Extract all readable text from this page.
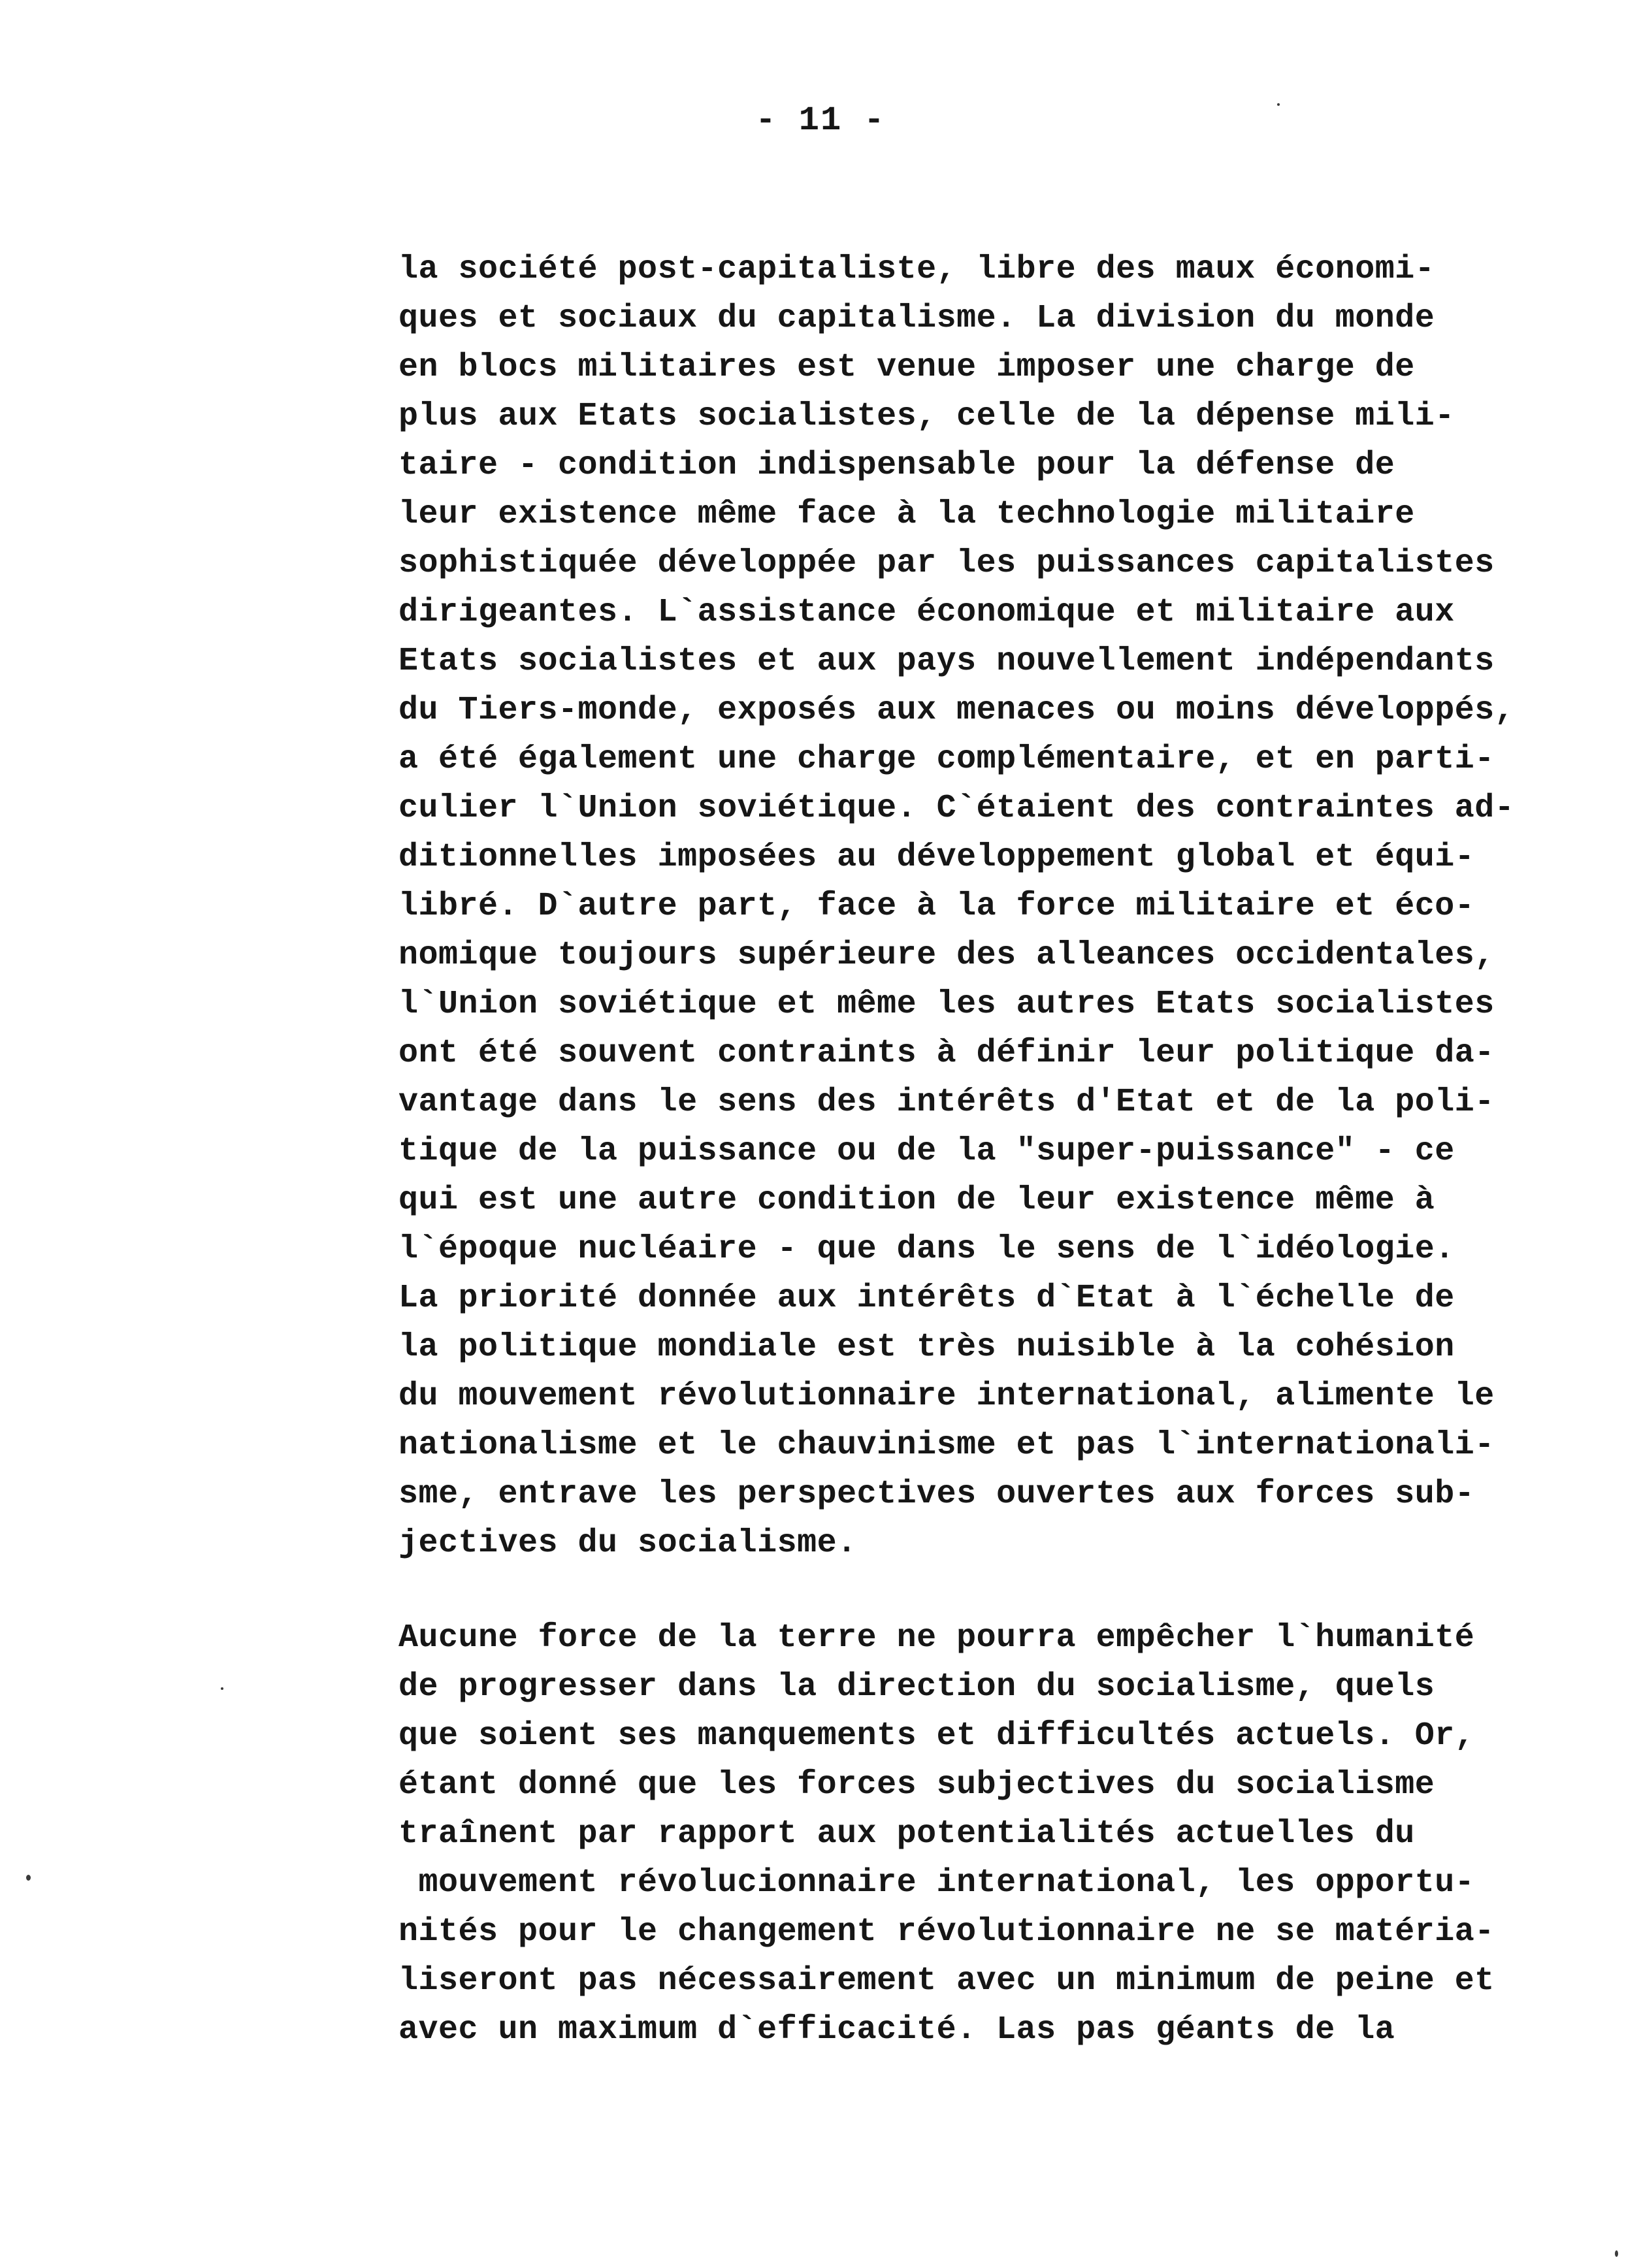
- 11 -
la société post-capitaliste, libre des maux économi-
ques et sociaux du capitalisme. La division du monde
en blocs militaires est venue imposer une charge de
plus aux Etats socialistes, celle de la dépense mili-
taire - condition indispensable pour la défense de
leur existence même face à la technologie militaire
sophistiquée développée par les puissances capitalistes
dirigeantes. L`assistance économique et militaire aux
Etats socialistes et aux pays nouvellement indépendants
du Tiers-monde, exposés aux menaces ou moins développés,
a été également une charge complémentaire, et en parti-
culier l`Union soviétique. C`étaient des contraintes ad-
ditionnelles imposées au développement global et équi-
libré. D`autre part, face à la force militaire et éco-
nomique toujours supérieure des alleances occidentales,
l`Union soviétique et même les autres Etats socialistes
ont été souvent contraints à définir leur politique da-
vantage dans le sens des intérêts d'Etat et de la poli-
tique de la puissance ou de la "super-puissance" - ce
qui est une autre condition de leur existence même à
l`époque nucléaire - que dans le sens de l`idéologie.
La priorité donnée aux intérêts d`Etat à l`échelle de
la politique mondiale est très nuisible à la cohésion
du mouvement révolutionnaire international, alimente le
nationalisme et le chauvinisme et pas l`internationali-
sme, entrave les perspectives ouvertes aux forces sub-
jectives du socialisme.
Aucune force de la terre ne pourra empêcher l`humanité
de progresser dans la direction du socialisme, quels
que soient ses manquements et difficultés actuels. Or,
étant donné que les forces subjectives du socialisme
traînent par rapport aux potentialités actuelles du
mouvement révolucionnaire international, les opportu-
nités pour le changement révolutionnaire ne se matéria-
liseront pas nécessairement avec un minimum de peine et
avec un maximum d`efficacité. Las pas géants de la
